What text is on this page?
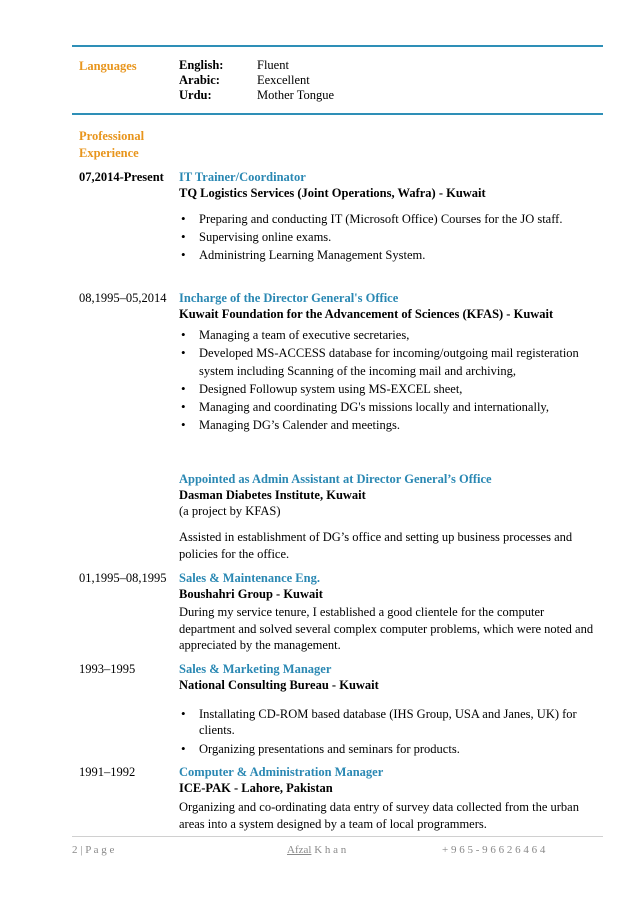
Languages	English:	Fluent
Arabic:	Eexcellent
Urdu:	Mother Tongue
Professional
Experience
07,2014-Present IT Trainer/Coordinator
TQ Logistics Services (Joint Operations, Wafra) - Kuwait
• Preparing and conducting IT (Microsoft Office) Courses for the JO staff.
• Supervising online exams.
• Administring Learning Management System.
08,1995–05,2014 Incharge of the Director General's Office
Kuwait Foundation for the Advancement of Sciences (KFAS) - Kuwait
• Managing a team of executive secretaries,
• Developed MS-ACCESS database for incoming/outgoing mail registeration system including Scanning of the incoming mail and archiving,
• Designed Followup system using MS-EXCEL sheet,
• Managing and coordinating DG's missions locally and internationally,
• Managing DG’s Calender and meetings.
Appointed as Admin Assistant at Director General’s Office
Dasman Diabetes Institute, Kuwait
(a project by KFAS)

Assisted in establishment of DG’s office and setting up business processes and policies for the office.

01,1995–08,1995 Sales & Maintenance Eng.
Boushahri Group - Kuwait

During my service tenure, I established a good clientele for the computer department and solved several complex computer problems, which were noted and appreciated by the management.

1993–1995	Sales & Marketing Manager
National Consulting Bureau - Kuwait
• Installating CD-ROM based database (IHS Group, USA and Janes, UK) for clients.
• Organizing presentations and seminars for products.
1991–1992	Computer & Administration Manager
ICE-PAK - Lahore, Pakistan

Organizing and co-ordinating data entry of survey data collected from the urban areas into a system designed by a team of local programmers.

2 | P a g e	Afzal K h a n	+ 9 6 5 - 9 6 6 2 6 4 6 4
